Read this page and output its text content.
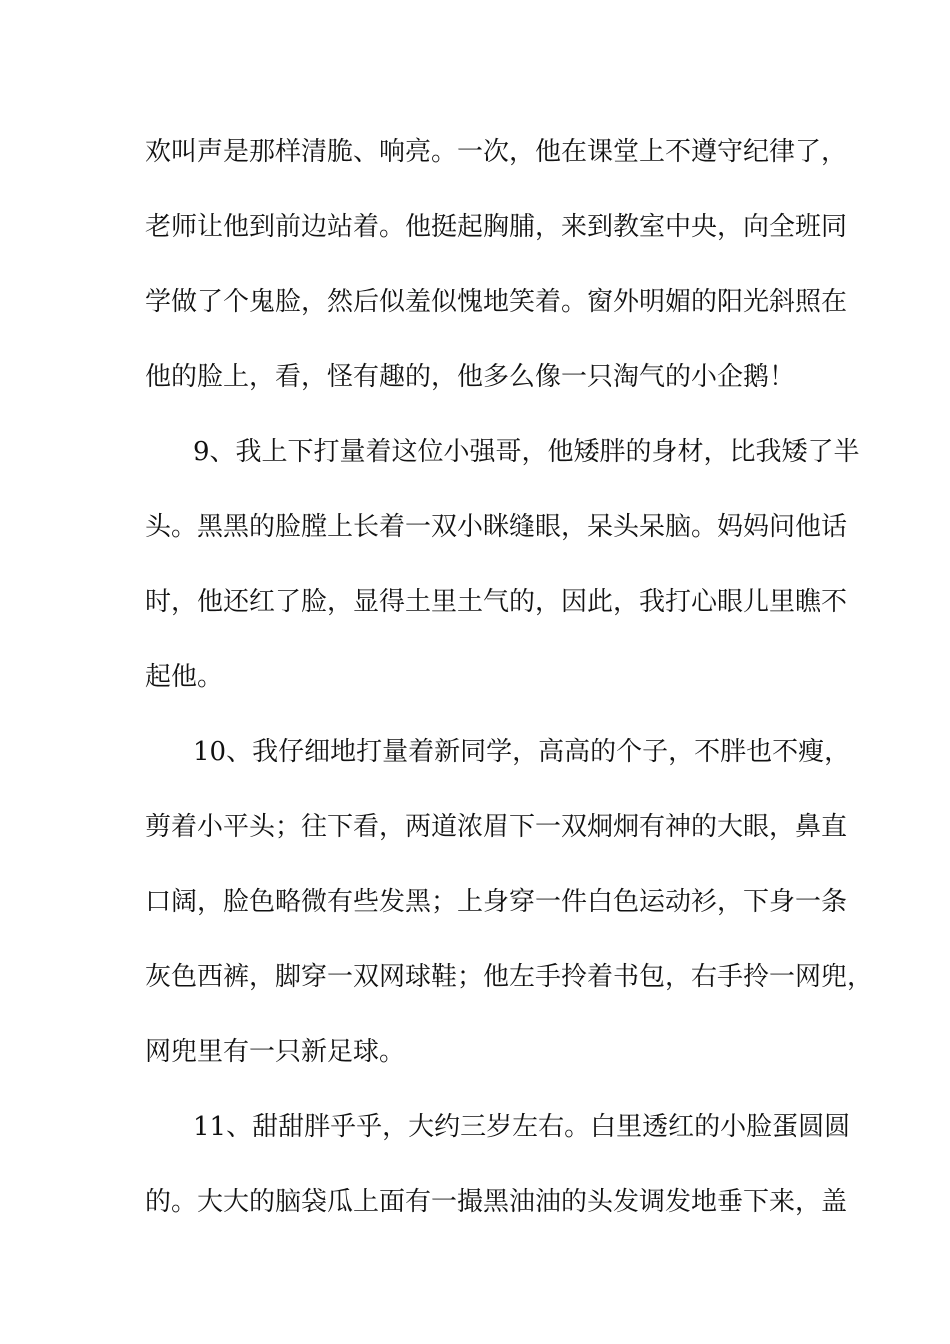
欢叫声是那样清脆、响亮。一次，他在课堂上不遵守纪律了，
老师让他到前边站着。他挺起胸脯，来到教室中央，向全班同
学做了个鬼脸，然后似羞似愧地笑着。窗外明媚的阳光斜照在
他的脸上，看，怪有趣的，他多么像一只淘气的小企鹅！
9、我上下打量着这位小强哥，他矮胖的身材，比我矮了半
头。黑黑的脸膛上长着一双小眯缝眼，呆头呆脑。妈妈问他话
时，他还红了脸，显得土里土气的，因此，我打心眼儿里瞧不
起他。
10、我仔细地打量着新同学，高高的个子，不胖也不瘦，
剪着小平头；往下看，两道浓眉下一双炯炯有神的大眼，鼻直
口阔，脸色略微有些发黑；上身穿一件白色运动衫，下身一条
灰色西裤，脚穿一双网球鞋；他左手拎着书包，右手拎一网兜，
网兜里有一只新足球。
11、甜甜胖乎乎，大约三岁左右。白里透红的小脸蛋圆圆
的。大大的脑袋瓜上面有一撮黑油油的头发调发地垂下来，盖
